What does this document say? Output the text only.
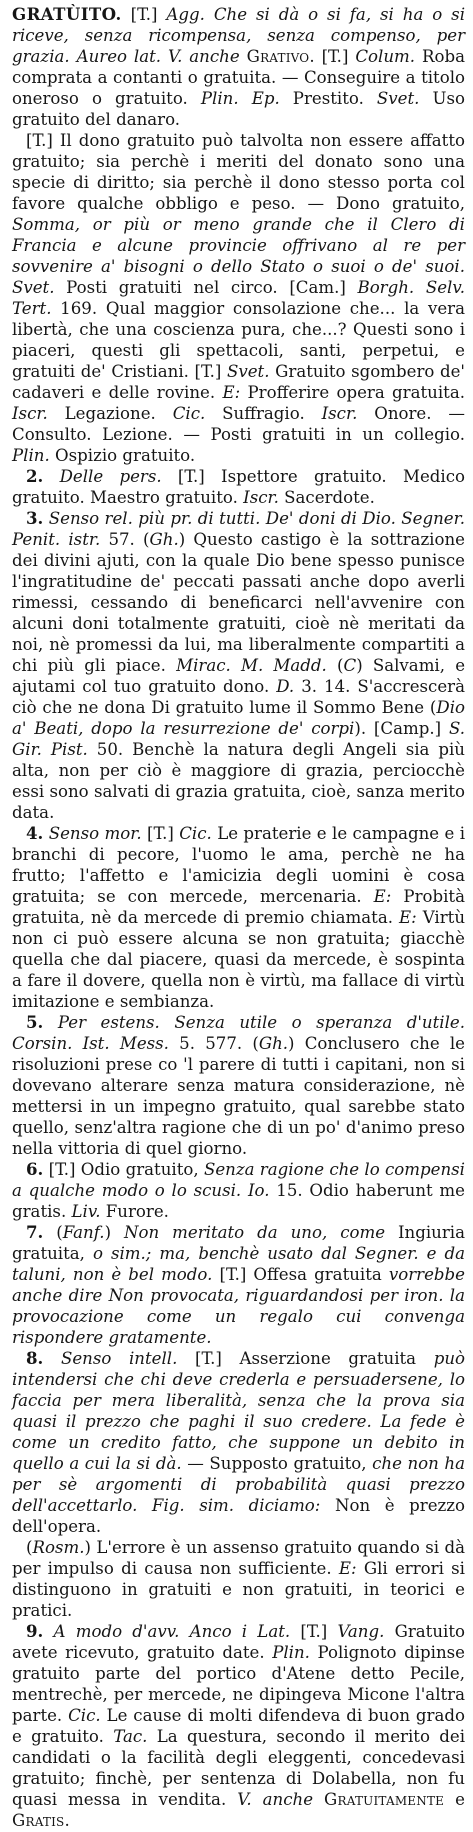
GRATÙITO. [T.] Agg. Che si dà o si fa, si ha o si riceve, senza ricompensa, senza compenso, per grazia. Aureo lat. V. anche Grativo. [T.] Colum. Roba comprata a contanti o gratuita. — Conseguire a titolo oneroso o gratuito. Plin. Ep. Prestito. Svet. Uso gratuito del danaro.

[T.] Il dono gratuito può talvolta non essere affatto gratuito; sia perchè i meriti del donato sono una specie di diritto; sia perchè il dono stesso porta col favore qualche obbligo e peso. — Dono gratuito, Somma, or più or meno grande che il Clero di Francia e alcune provincie offrivano al re per sovvenire a' bisogni o dello Stato o suoi o de' suoi. Svet. Posti gratuiti nel circo. [Cam.] Borgh. Selv. Tert. 169. Qual maggior consolazione che... la vera libertà, che una coscienza pura, che...? Questi sono i piaceri, questi gli spettacoli, santi, perpetui, e gratuiti de' Cristiani. [T.] Svet. Gratuito sgombero de' cadaveri e delle rovine. E: Profferire opera gratuita. Iscr. Legazione. Cic. Suffragio. Iscr. Onore. — Consulto. Lezione. — Posti gratuiti in un collegio. Plin. Ospizio gratuito.

2. Delle pers. [T.] Ispettore gratuito. Medico gratuito. Maestro gratuito. Iscr. Sacerdote.

3. Senso rel. più pr. di tutti. De' doni di Dio. Segner. Penit. istr. 57. (Gh.) Questo castigo è la sottrazione dei divini ajuti, con la quale Dio bene spesso punisce l'ingratitudine de' peccati passati anche dopo averli rimessi, cessando di beneficarci nell'avvenire con alcuni doni totalmente gratuiti, cioè nè meritati da noi, nè promessi da lui, ma liberalmente compartiti a chi più gli piace. Mirac. M. Madd. (C) Salvami, e ajutami col tuo gratuito dono. D. 3. 14. S'accrescerà ciò che ne dona Di gratuito lume il Sommo Bene (Dio a' Beati, dopo la resurrezione de' corpi). [Camp.] S. Gir. Pist. 50. Benchè la natura degli Angeli sia più alta, non per ciò è maggiore di grazia, perciocchè essi sono salvati di grazia gratuita, cioè, sanza merito data.

4. Senso mor. [T.] Cic. Le praterie e le campagne e i branchi di pecore, l'uomo le ama, perchè ne ha frutto; l'affetto e l'amicizia degli uomini è cosa gratuita; se con mercede, mercenaria. E: Probità gratuita, nè da mercede di premio chiamata. E: Virtù non ci può essere alcuna se non gratuita; giacchè quella che dal piacere, quasi da mercede, è sospinta a fare il dovere, quella non è virtù, ma fallace di virtù imitazione e sembianza.

5. Per estens. Senza utile o speranza d'utile. Corsin. Ist. Mess. 5. 577. (Gh.) Conclusero che le risoluzioni prese co 'l parere di tutti i capitani, non si dovevano alterare senza matura considerazione, nè mettersi in un impegno gratuito, qual sarebbe stato quello, senz'altra ragione che di un po' d'animo preso nella vittoria di quel giorno.

6. [T.] Odio gratuito, Senza ragione che lo compensi a qualche modo o lo scusi. Io. 15. Odio haberunt me gratis. Liv. Furore.

7. (Fanf.) Non meritato da uno, come Ingiuria gratuita, o sim.; ma, benchè usato dal Segner. e da taluni, non è bel modo. [T.] Offesa gratuita vorrebbe anche dire Non provocata, riguardandosi per iron. la provocazione come un regalo cui convenga rispondere gratamente.

8. Senso intell. [T.] Asserzione gratuita può intendersi che chi deve crederla e persuadersene, lo faccia per mera liberalità, senza che la prova sia quasi il prezzo che paghi il suo credere. La fede è come un credito fatto, che suppone un debito in quello a cui la si dà. — Supposto gratuito, che non ha per sè argomenti di probabilità quasi prezzo dell'accettarlo. Fig. sim. diciamo: Non è prezzo dell'opera.

(Rosm.) L'errore è un assenso gratuito quando si dà per impulso di causa non sufficiente. E: Gli errori si distinguono in gratuiti e non gratuiti, in teorici e pratici.

9. A modo d'avv. Anco i Lat. [T.] Vang. Gratuito avete ricevuto, gratuito date. Plin. Polignoto dipinse gratuito parte del portico d'Atene detto Pecile, mentrechè, per mercede, ne dipingeva Micone l'altra parte. Cic. Le cause di molti difendeva di buon grado e gratuito. Tac. La questura, secondo il merito dei candidati o la facilità degli eleggenti, concedevasi gratuito; finchè, per sentenza di Dolabella, non fu quasi messa in vendita. V. anche Gratuitamente e Gratis.
